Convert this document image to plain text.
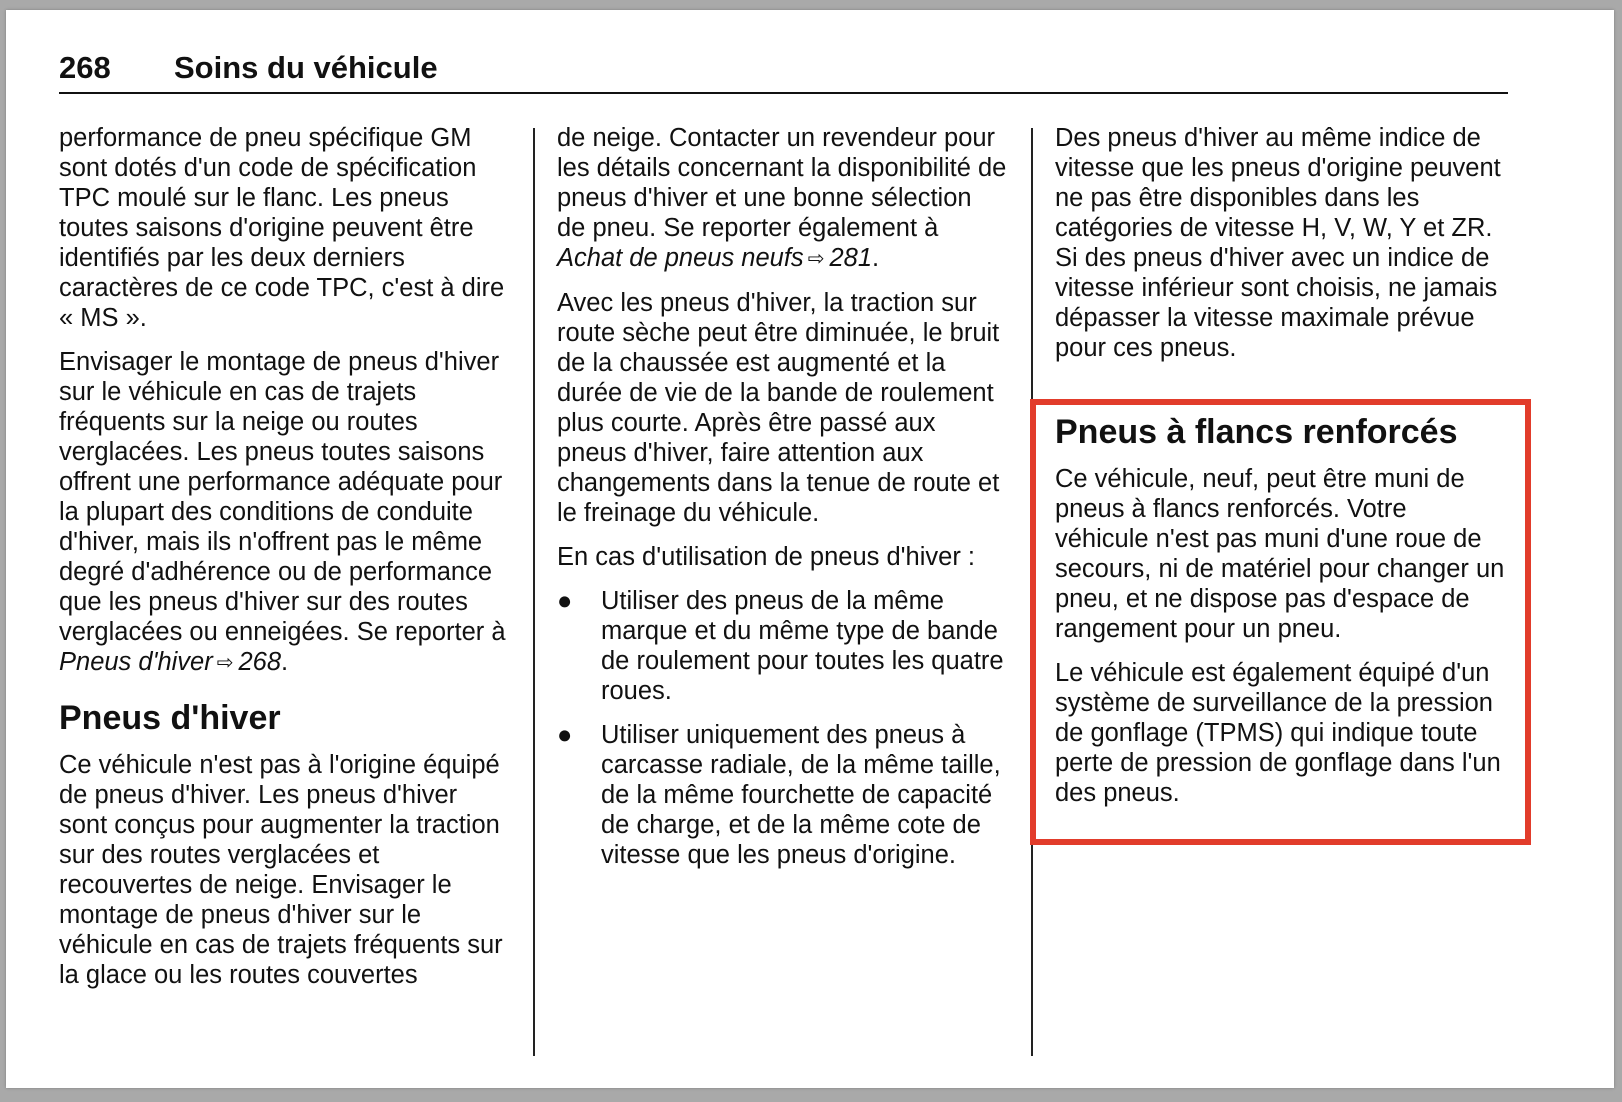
268 Soins du véhicule

performance de pneu spécifique GM sont dotés d'un code de spécification TPC moulé sur le flanc. Les pneus toutes saisons d'origine peuvent être identifiés par les deux derniers caractères de ce code TPC, c'est à dire « MS ».

Envisager le montage de pneus d'hiver sur le véhicule en cas de trajets fréquents sur la neige ou routes verglacées. Les pneus toutes saisons offrent une performance adéquate pour la plupart des conditions de conduite d'hiver, mais ils n'offrent pas le même degré d'adhérence ou de performance que les pneus d'hiver sur des routes verglacées ou enneigées. Se reporter à Pneus d'hiver ⇨ 268.

Pneus d'hiver

Ce véhicule n'est pas à l'origine équipé de pneus d'hiver. Les pneus d'hiver sont conçus pour augmenter la traction sur des routes verglacées et recouvertes de neige. Envisager le montage de pneus d'hiver sur le véhicule en cas de trajets fréquents sur la glace ou les routes couvertes

de neige. Contacter un revendeur pour les détails concernant la disponibilité de pneus d'hiver et une bonne sélection de pneu. Se reporter également à Achat de pneus neufs ⇨ 281.

Avec les pneus d'hiver, la traction sur route sèche peut être diminuée, le bruit de la chaussée est augmenté et la durée de vie de la bande de roulement plus courte. Après être passé aux pneus d'hiver, faire attention aux changements dans la tenue de route et le freinage du véhicule.

En cas d'utilisation de pneus d'hiver :

● Utiliser des pneus de la même marque et du même type de bande de roulement pour toutes les quatre roues.
● Utiliser uniquement des pneus à carcasse radiale, de la même taille, de la même fourchette de capacité de charge, et de la même cote de vitesse que les pneus d'origine.

Des pneus d'hiver au même indice de vitesse que les pneus d'origine peuvent ne pas être disponibles dans les catégories de vitesse H, V, W, Y et ZR. Si des pneus d'hiver avec un indice de vitesse inférieur sont choisis, ne jamais dépasser la vitesse maximale prévue pour ces pneus.

Pneus à flancs renforcés

Ce véhicule, neuf, peut être muni de pneus à flancs renforcés. Votre véhicule n'est pas muni d'une roue de secours, ni de matériel pour changer un pneu, et ne dispose pas d'espace de rangement pour un pneu.

Le véhicule est également équipé d'un système de surveillance de la pression de gonflage (TPMS) qui indique toute perte de pression de gonflage dans l'un des pneus.
